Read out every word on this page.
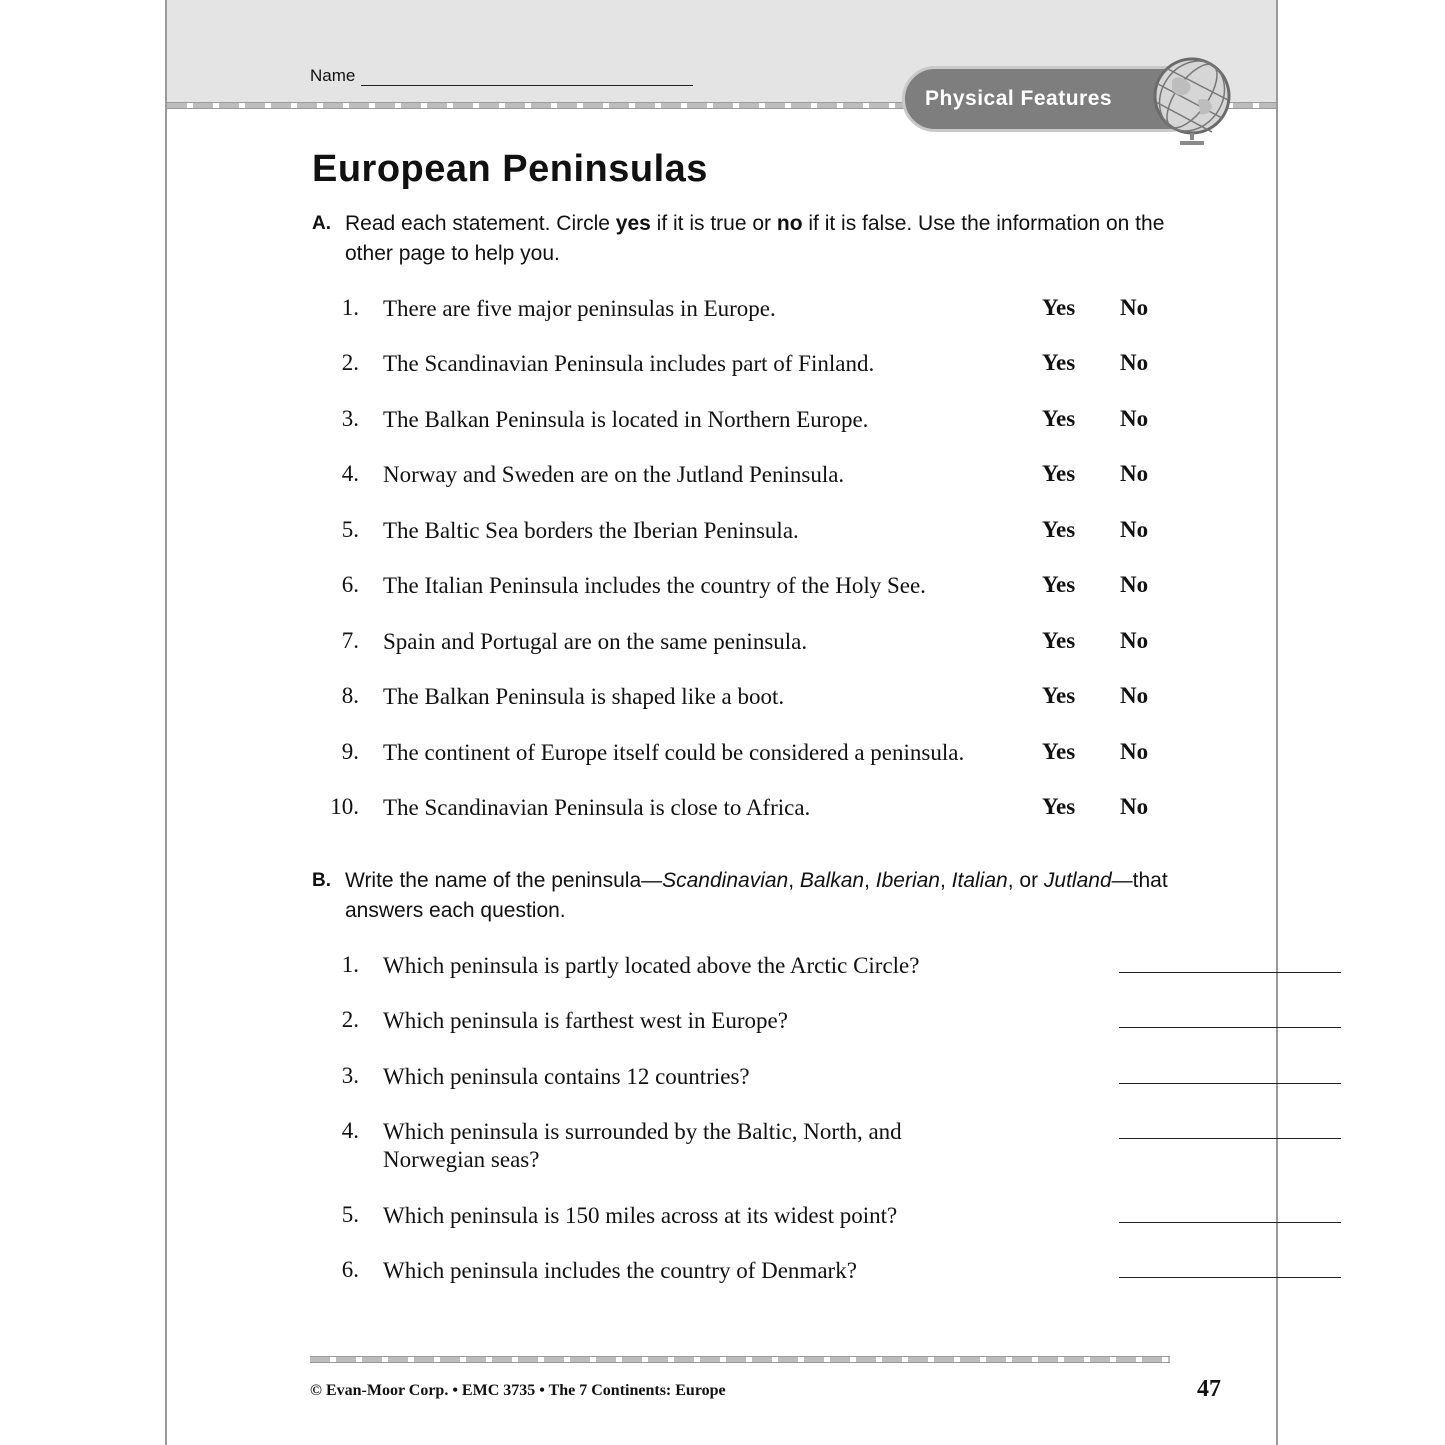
Name
Physical Features
European Peninsulas
A. Read each statement. Circle yes if it is true or no if it is false. Use the information on the other page to help you.
1. There are five major peninsulas in Europe.	Yes No
2. The Scandinavian Peninsula includes part of Finland.	Yes No
3. The Balkan Peninsula is located in Northern Europe.	Yes No
4. Norway and Sweden are on the Jutland Peninsula.	Yes No
5. The Baltic Sea borders the Iberian Peninsula.	Yes No
6. The Italian Peninsula includes the country of the Holy See.	Yes No
7. Spain and Portugal are on the same peninsula.	Yes No
8. The Balkan Peninsula is shaped like a boot.	Yes No
9. The continent of Europe itself could be considered a peninsula.	Yes No
10. The Scandinavian Peninsula is close to Africa.	Yes No
B. Write the name of the peninsula—Scandinavian, Balkan, Iberian, Italian, or Jutland—that answers each question.
1. Which peninsula is partly located above the Arctic Circle?
2. Which peninsula is farthest west in Europe?
3. Which peninsula contains 12 countries?
4. Which peninsula is surrounded by the Baltic, North, and Norwegian seas?
5. Which peninsula is 150 miles across at its widest point?
6. Which peninsula includes the country of Denmark?
© Evan-Moor Corp. • EMC 3735 • The 7 Continents: Europe	47
